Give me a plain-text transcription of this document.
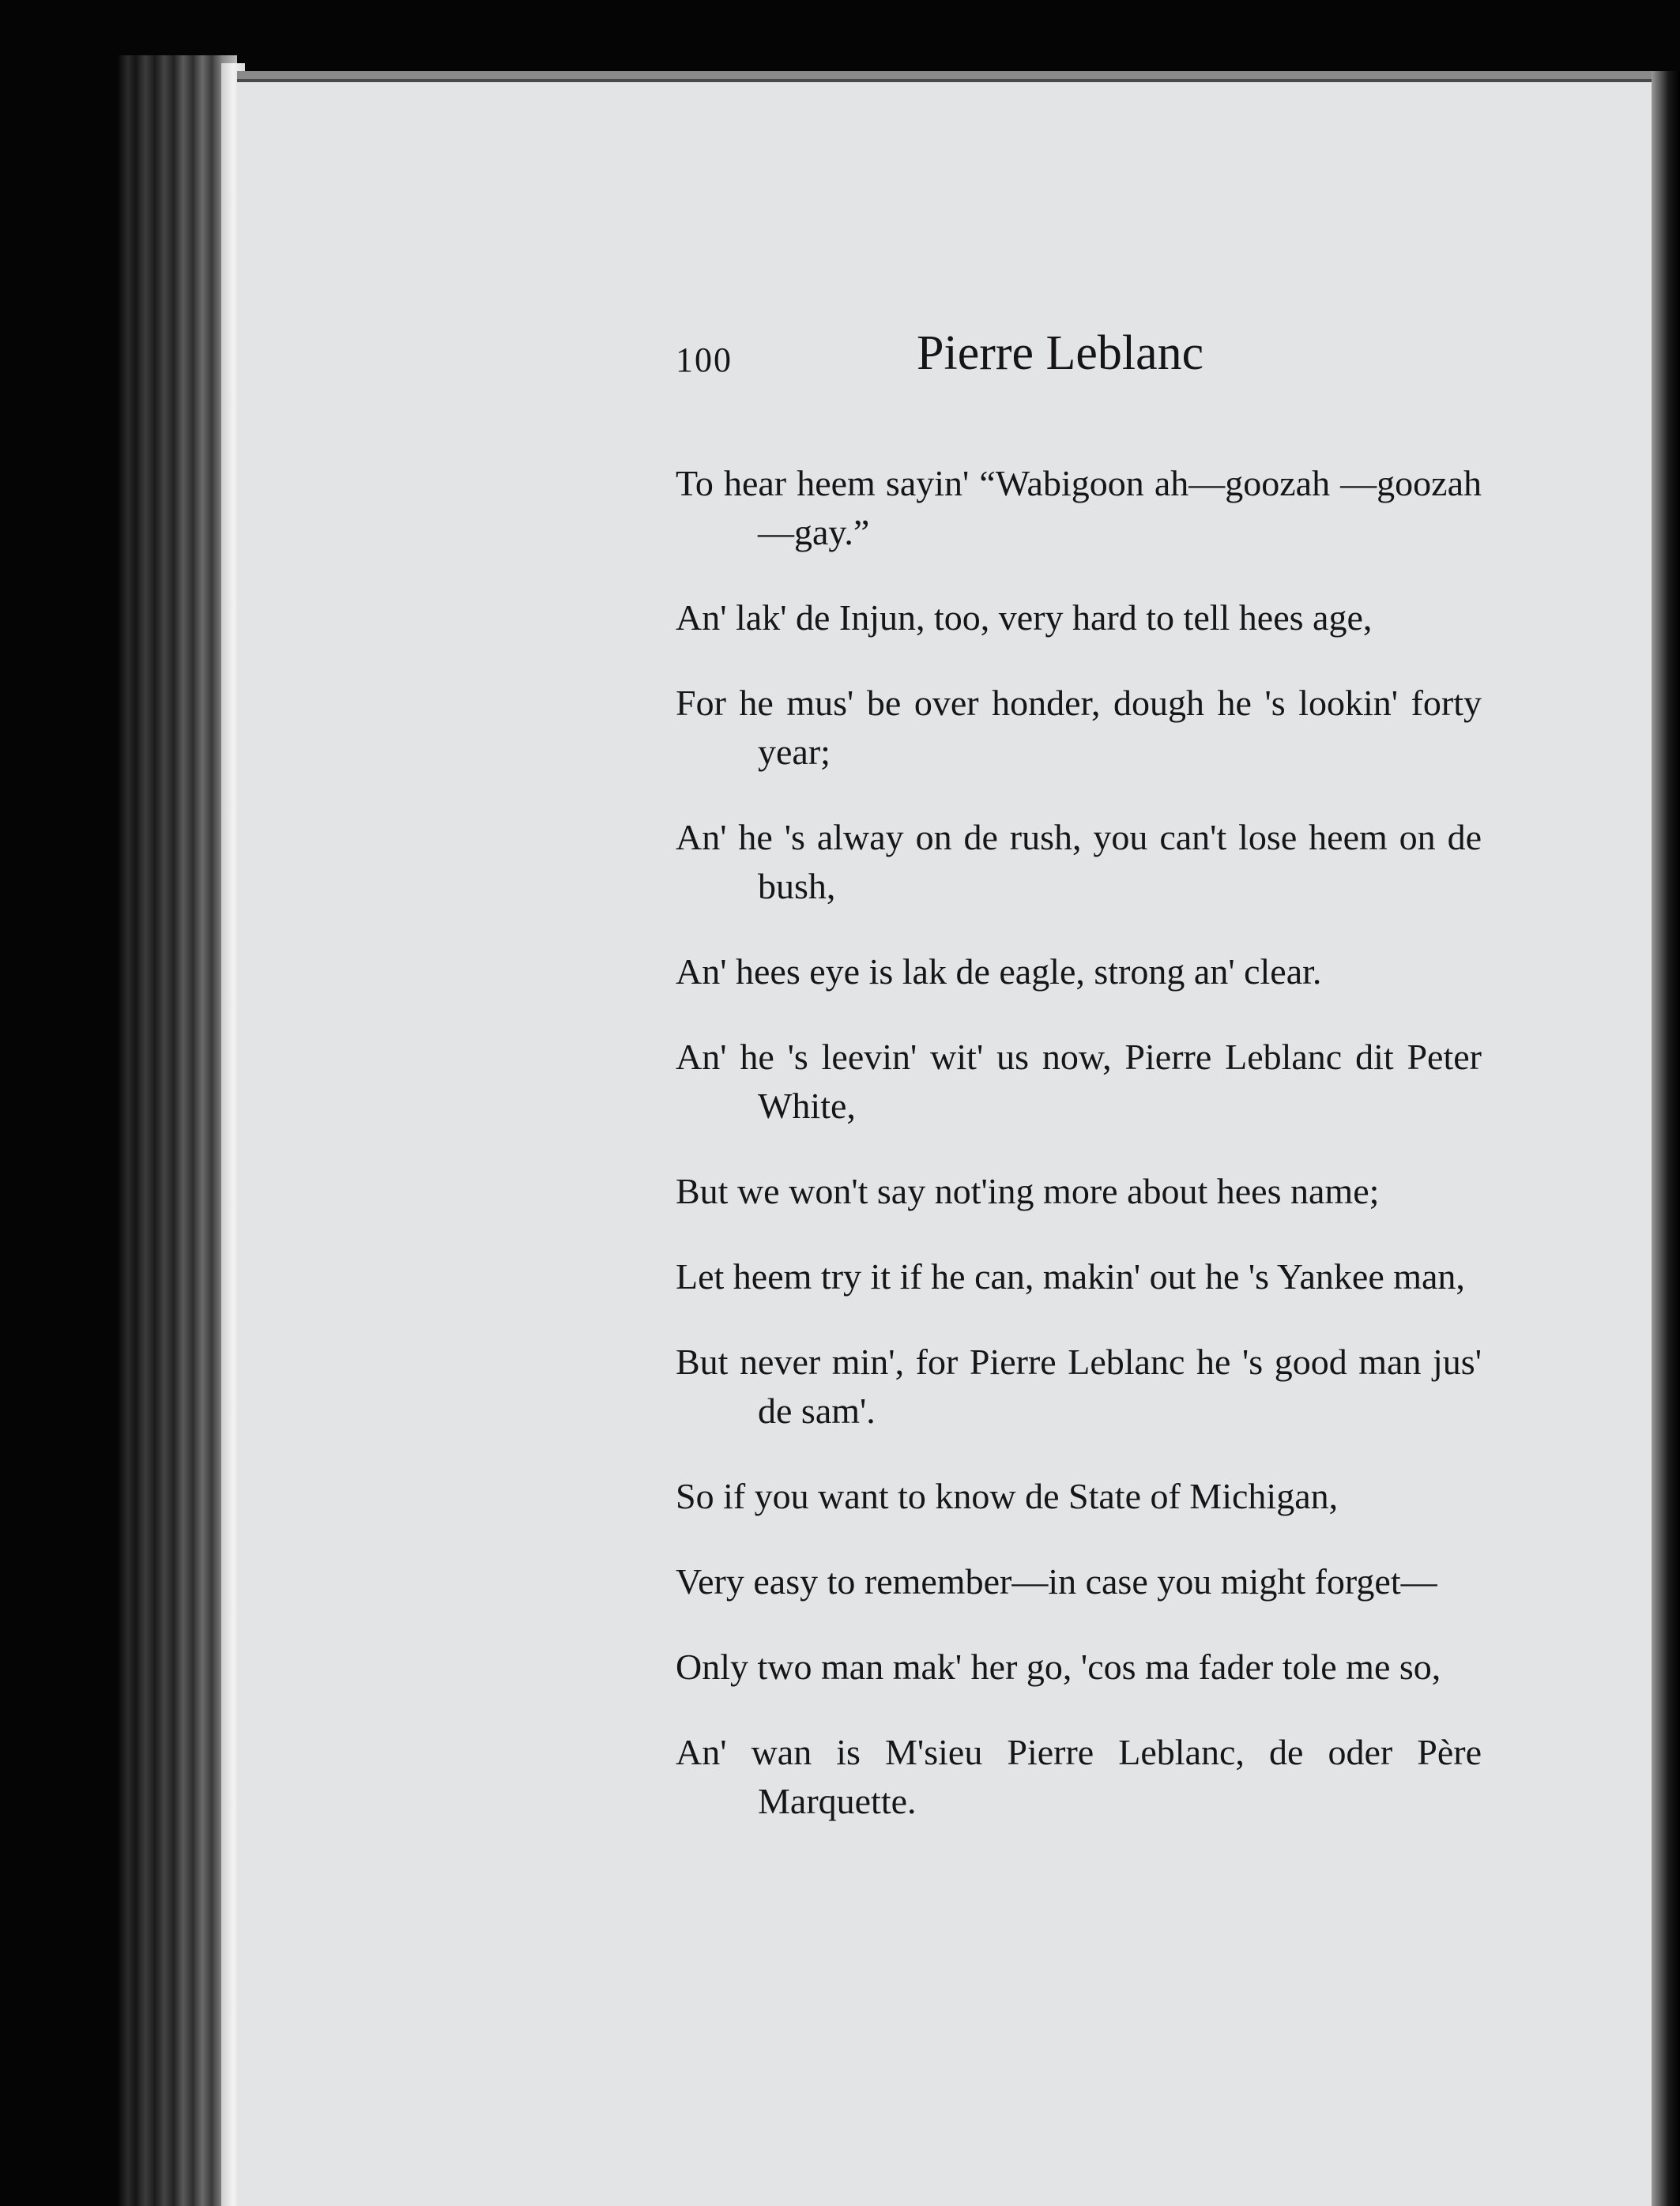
100	Pierre Leblanc

To hear heem sayin' “Wabigoon ah—goozah —goozah—gay.”

An' lak' de Injun, too, very hard to tell hees age,

For he mus' be over honder, dough he 's lookin' forty year;

An' he 's alway on de rush, you can't lose heem on de bush,

An' hees eye is lak de eagle, strong an' clear.

An' he 's leevin' wit' us now, Pierre Leblanc dit Peter White,

But we won't say not'ing more about hees name;

Let heem try it if he can, makin' out he 's Yankee man,

But never min', for Pierre Leblanc he 's good man jus' de sam'.

So if you want to know de State of Michigan,

Very easy to remember—in case you might forget—

Only two man mak' her go, 'cos ma fader tole me so,

An' wan is M'sieu Pierre Leblanc, de oder Père Marquette.
